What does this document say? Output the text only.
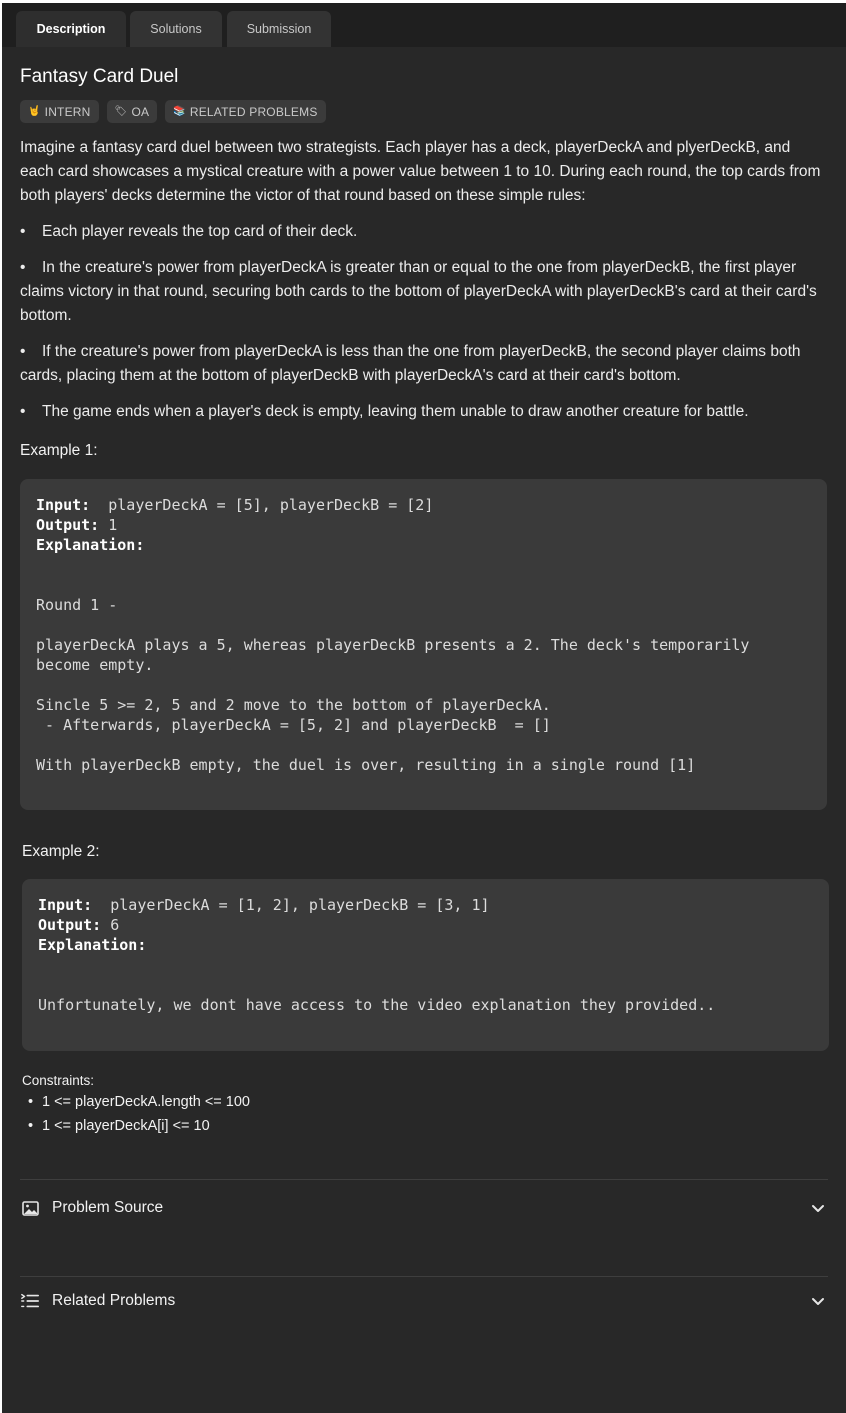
Description	Solutions	Submission
Fantasy Card Duel
🤘 INTERN 🏷 OA 📚 RELATED PROBLEMS

Imagine a fantasy card duel between two strategists. Each player has a deck, playerDeckA and plyerDeckB, and each card showcases a mystical creature with a power value between 1 to 10. During each round, the top cards from both players' decks determine the victor of that round based on these simple rules:

• Each player reveals the top card of their deck.

• In the creature's power from playerDeckA is greater than or equal to the one from playerDeckB, the first player claims victory in that round, securing both cards to the bottom of playerDeckA with playerDeckB's card at their card's bottom.

• If the creature's power from playerDeckA is less than the one from playerDeckB, the second player claims both cards, placing them at the bottom of playerDeckB with playerDeckA's card at their card's bottom.

• The game ends when a player's deck is empty, leaving them unable to draw another creature for battle.

Example 1:
Input: playerDeckA = [5], playerDeckB = [2]
Output: 1
Explanation:

Round 1 -

playerDeckA plays a 5, whereas playerDeckB presents a 2. The deck's temporarily
become empty.

Sincle 5 >= 2, 5 and 2 move to the bottom of playerDeckA.
- Afterwards, playerDeckA = [5, 2] and playerDeckB  = []

With playerDeckB empty, the duel is over, resulting in a single round [1]
Example 2:
Input: playerDeckA = [1, 2], playerDeckB = [3, 1]
Output: 6
Explanation:

Unfortunately, we dont have access to the video explanation they provided..
Constraints:
• 1 <= playerDeckA.length <= 100
• 1 <= playerDeckA[i] <= 10
Problem Source
Related Problems
